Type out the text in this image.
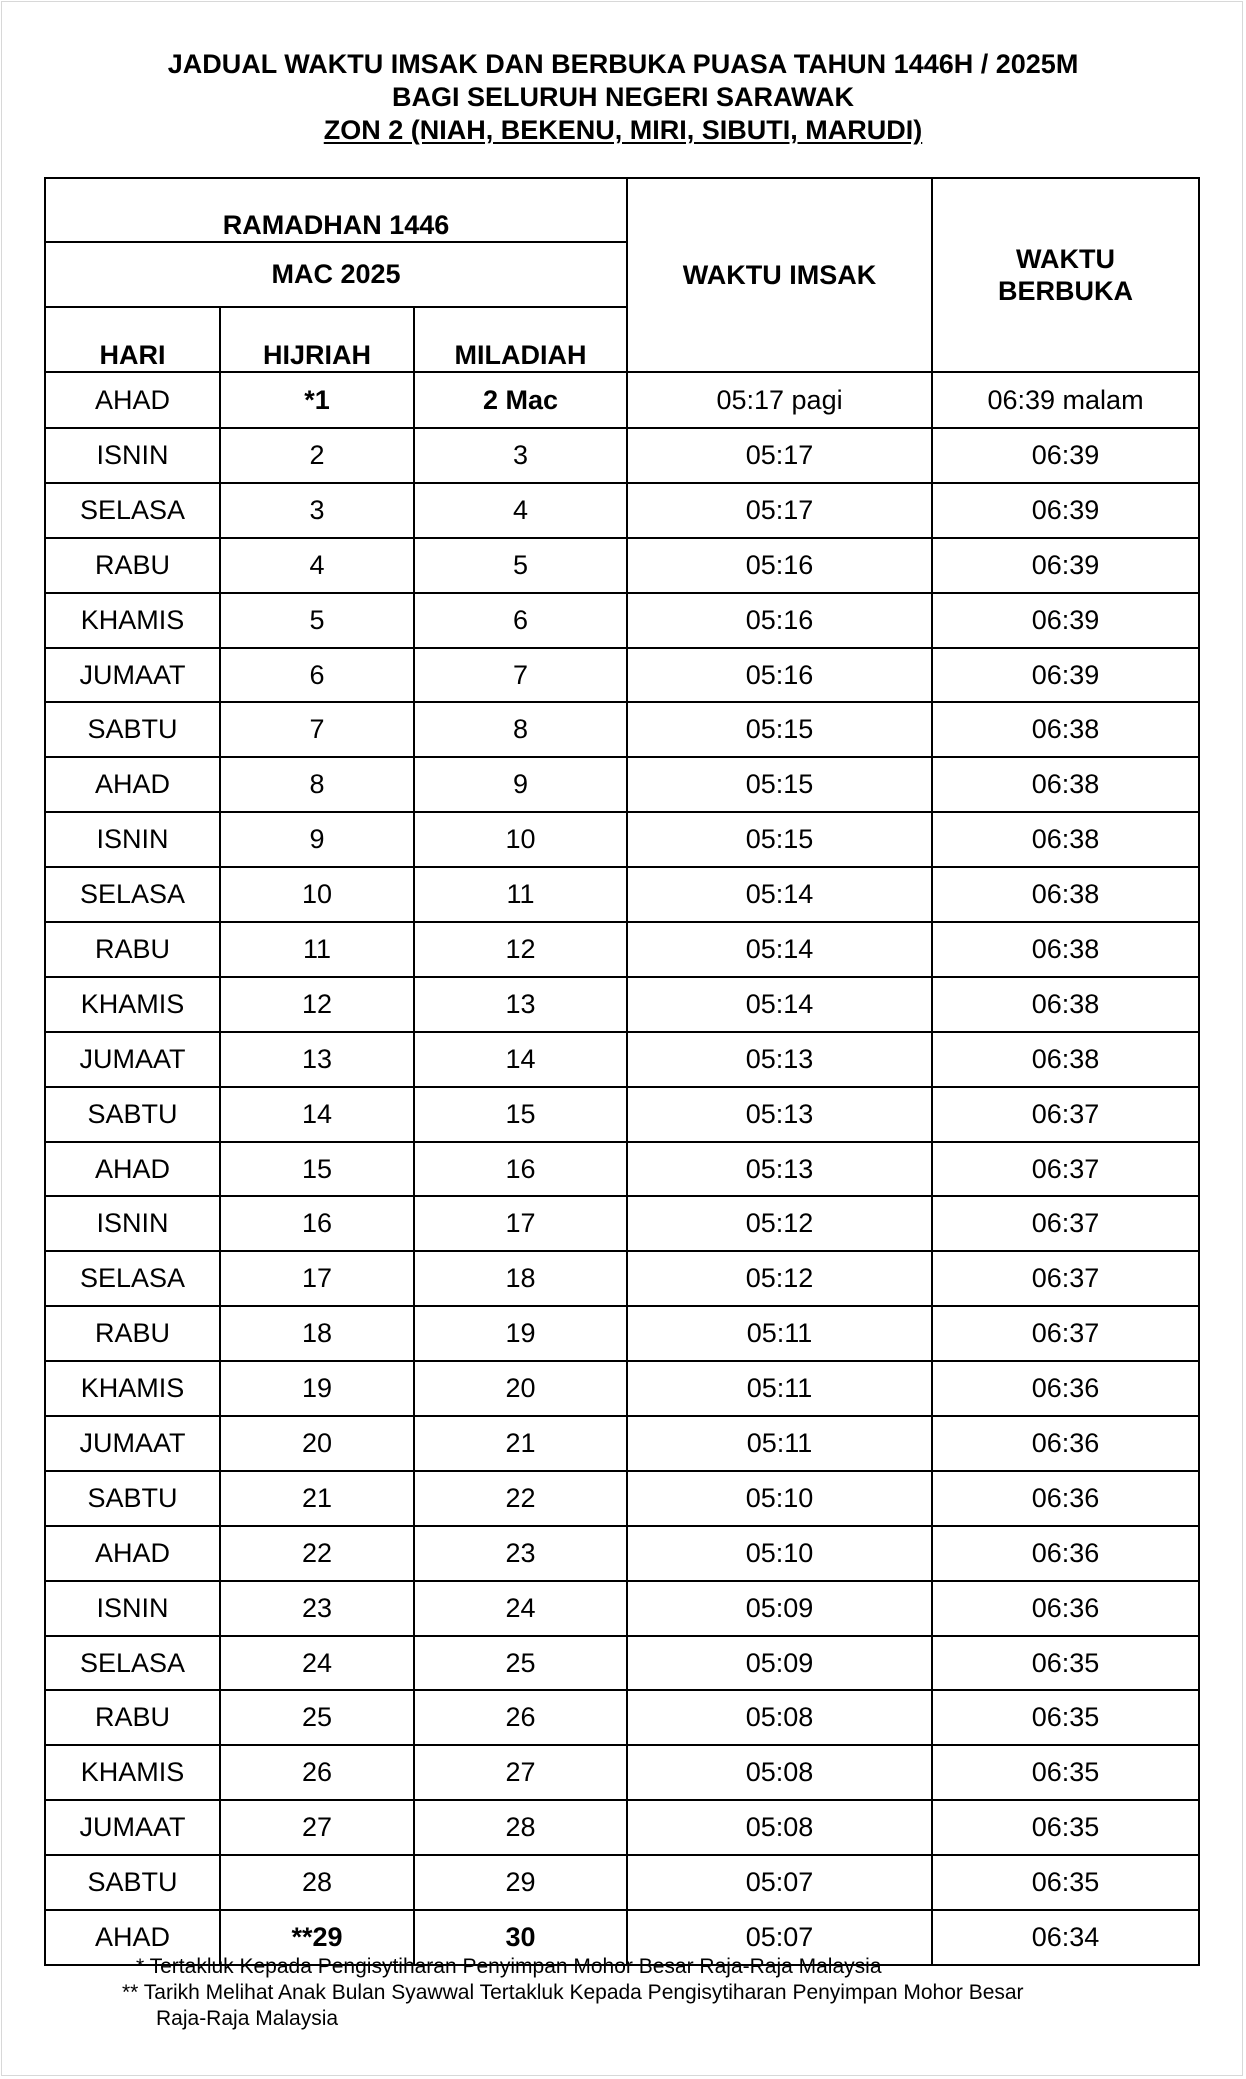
JADUAL WAKTU IMSAK DAN BERBUKA PUASA TAHUN 1446H / 2025M
BAGI SELURUH NEGERI SARAWAK
ZON 2 (NIAH, BEKENU, MIRI, SIBUTI, MARUDI)
RAMADHAN 1446			WAKTU IMSAK	WAKTU
BERBUKA
MAC 2025				
HARI	HIJRIAH	MILADIAH		
AHAD	*1	2 Mac	05:17 pagi	06:39 malam
ISNIN	2	3	05:17	06:39
SELASA	3	4	05:17	06:39
RABU	4	5	05:16	06:39
KHAMIS	5	6	05:16	06:39
JUMAAT	6	7	05:16	06:39
SABTU	7	8	05:15	06:38
AHAD	8	9	05:15	06:38
ISNIN	9	10	05:15	06:38
SELASA	10	11	05:14	06:38
RABU	11	12	05:14	06:38
KHAMIS	12	13	05:14	06:38
JUMAAT	13	14	05:13	06:38
SABTU	14	15	05:13	06:37
AHAD	15	16	05:13	06:37
ISNIN	16	17	05:12	06:37
SELASA	17	18	05:12	06:37
RABU	18	19	05:11	06:37
KHAMIS	19	20	05:11	06:36
JUMAAT	20	21	05:11	06:36
SABTU	21	22	05:10	06:36
AHAD	22	23	05:10	06:36
ISNIN	23	24	05:09	06:36
SELASA	24	25	05:09	06:35
RABU	25	26	05:08	06:35
KHAMIS	26	27	05:08	06:35
JUMAAT	27	28	05:08	06:35
SABTU	28	29	05:07	06:35
AHAD	**29	30	05:07	06:34
* Tertakluk Kepada Pengisytiharan Penyimpan Mohor Besar Raja-Raja Malaysia
** Tarikh Melihat Anak Bulan Syawwal Tertakluk Kepada Pengisytiharan Penyimpan Mohor Besar
Raja-Raja Malaysia
